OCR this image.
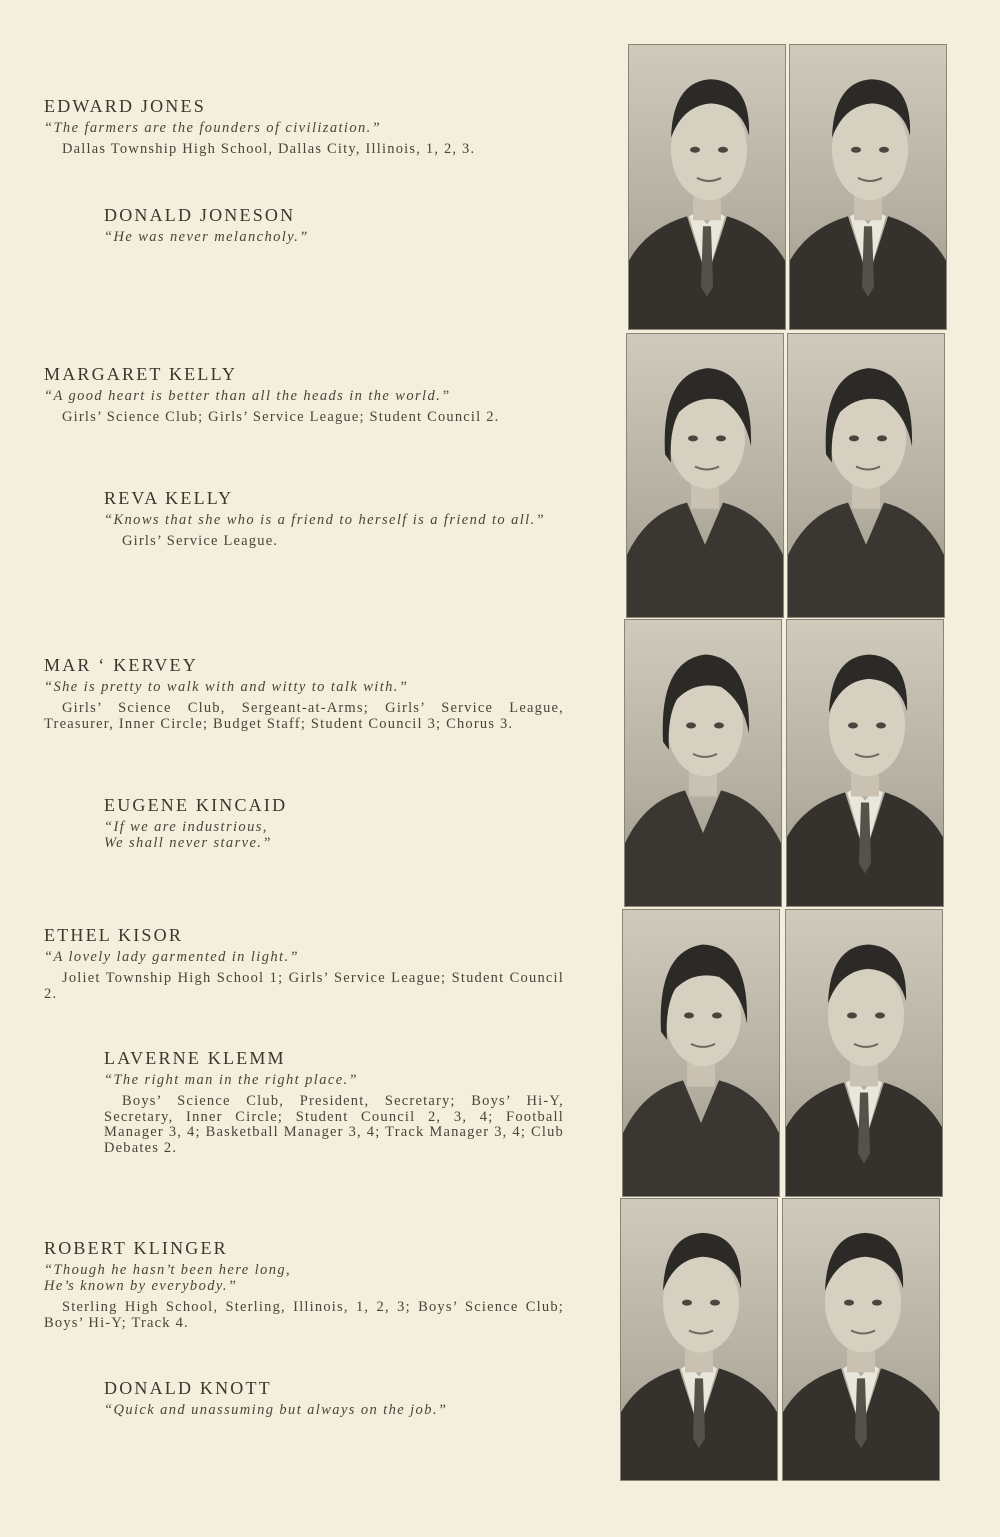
EDWARD JONES
“The farmers are the founders of civilization.”
Dallas Township High School, Dallas City, Illinois, 1, 2, 3.
DONALD JONESON
“He was never melancholy.”
MARGARET KELLY
“A good heart is better than all the heads in the world.”
Girls’ Science Club; Girls’ Service League; Student Council 2.
REVA KELLY
“Knows that she who is a friend to herself is a friend to all.”
Girls’ Service League.
MAR ‘ KERVEY
“She is pretty to walk with and witty to talk with.”
Girls’ Science Club, Sergeant-at-Arms; Girls’ Service League, Treasurer, Inner Circle; Budget Staff; Student Council 3; Chorus 3.
EUGENE KINCAID
“If we are industrious,
We shall never starve.”
ETHEL KISOR
“A lovely lady garmented in light.”
Joliet Township High School 1; Girls’ Service League; Student Council 2.
LAVERNE KLEMM
“The right man in the right place.”
Boys’ Science Club, President, Secretary; Boys’ Hi-Y, Secretary, Inner Circle; Student Council 2, 3, 4; Football Manager 3, 4; Basketball Manager 3, 4; Track Manager 3, 4; Club Debates 2.
ROBERT KLINGER
“Though he hasn’t been here long,
He’s known by everybody.”
Sterling High School, Sterling, Illinois, 1, 2, 3; Boys’ Science Club; Boys’ Hi-Y; Track 4.
DONALD KNOTT
“Quick and unassuming but always on the job.”
